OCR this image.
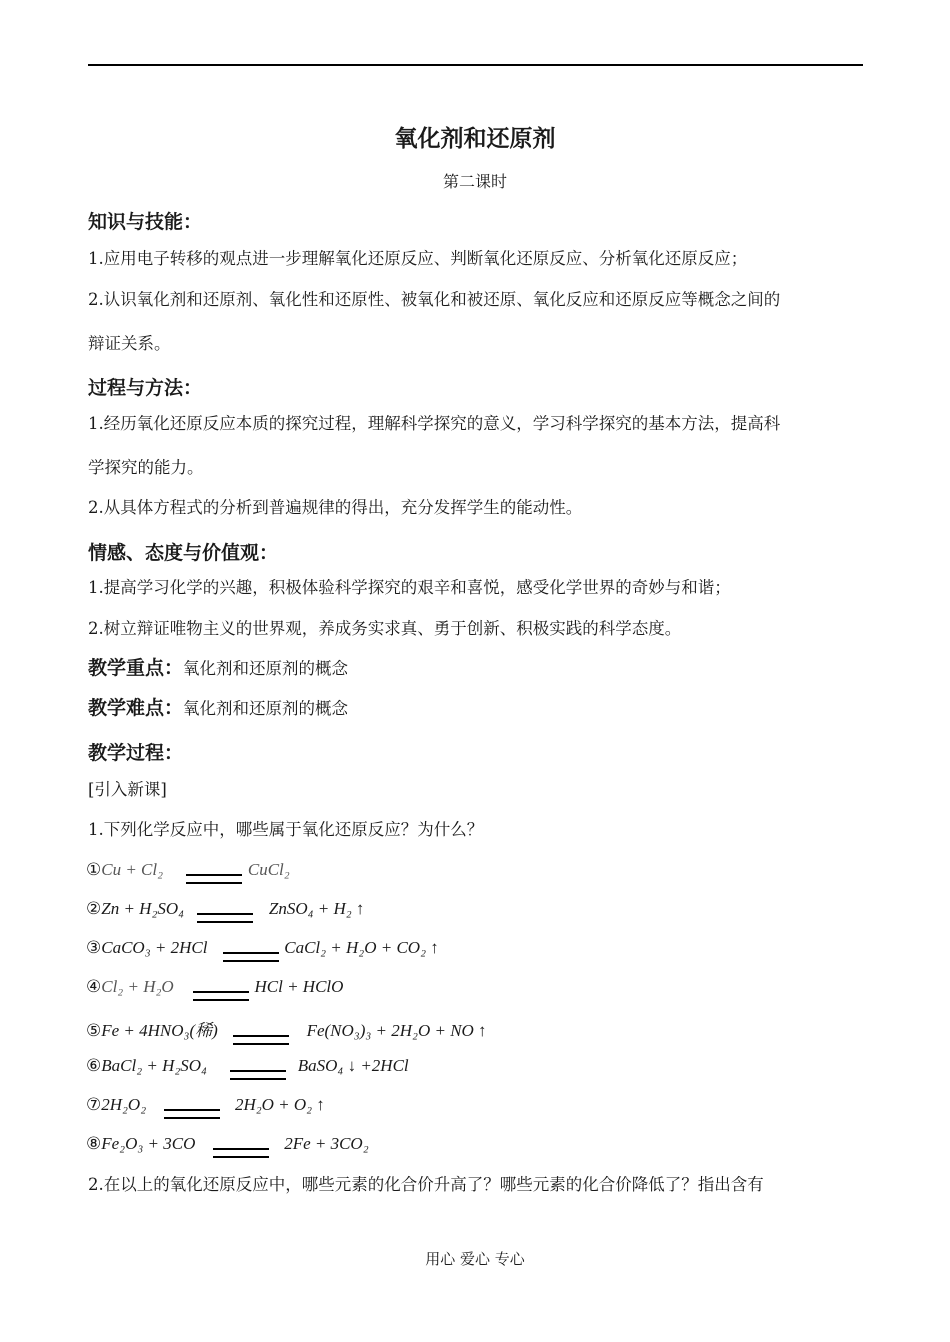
氧化剂和还原剂
第二课时
知识与技能：
1.应用电子转移的观点进一步理解氧化还原反应、判断氧化还原反应、分析氧化还原反应；
2.认识氧化剂和还原剂、氧化性和还原性、被氧化和被还原、氧化反应和还原反应等概念之间的
辩证关系。
过程与方法：
1.经历氧化还原反应本质的探究过程，理解科学探究的意义，学习科学探究的基本方法，提高科
学探究的能力。
2.从具体方程式的分析到普遍规律的得出，充分发挥学生的能动性。
情感、态度与价值观：
1.提高学习化学的兴趣，积极体验科学探究的艰辛和喜悦，感受化学世界的奇妙与和谐；
2.树立辩证唯物主义的世界观，养成务实求真、勇于创新、积极实践的科学态度。
教学重点：氧化剂和还原剂的概念
教学难点：氧化剂和还原剂的概念
教学过程：
[引入新课]
1.下列化学反应中，哪些属于氧化还原反应？为什么？
①Cu + Cl₂	CuCl₂
②Zn + H₂SO₄	ZnSO₄ + H₂ ↑
③CaCO₃ + 2HCl	CaCl₂ + H₂O + CO₂ ↑
④Cl₂ + H₂O	HCl + HClO
⑤Fe + 4HNO₃(稀)	Fe(NO₃)₃ + 2H₂O + NO ↑
⑥BaCl₂ + H₂SO₄	BaSO₄ ↓ +2HCl
⑦2H₂O₂	2H₂O + O₂ ↑
⑧Fe₂O₃ + 3CO	2Fe + 3CO₂
2.在以上的氧化还原反应中，哪些元素的化合价升高了？哪些元素的化合价降低了？指出含有
用心 爱心 专心
